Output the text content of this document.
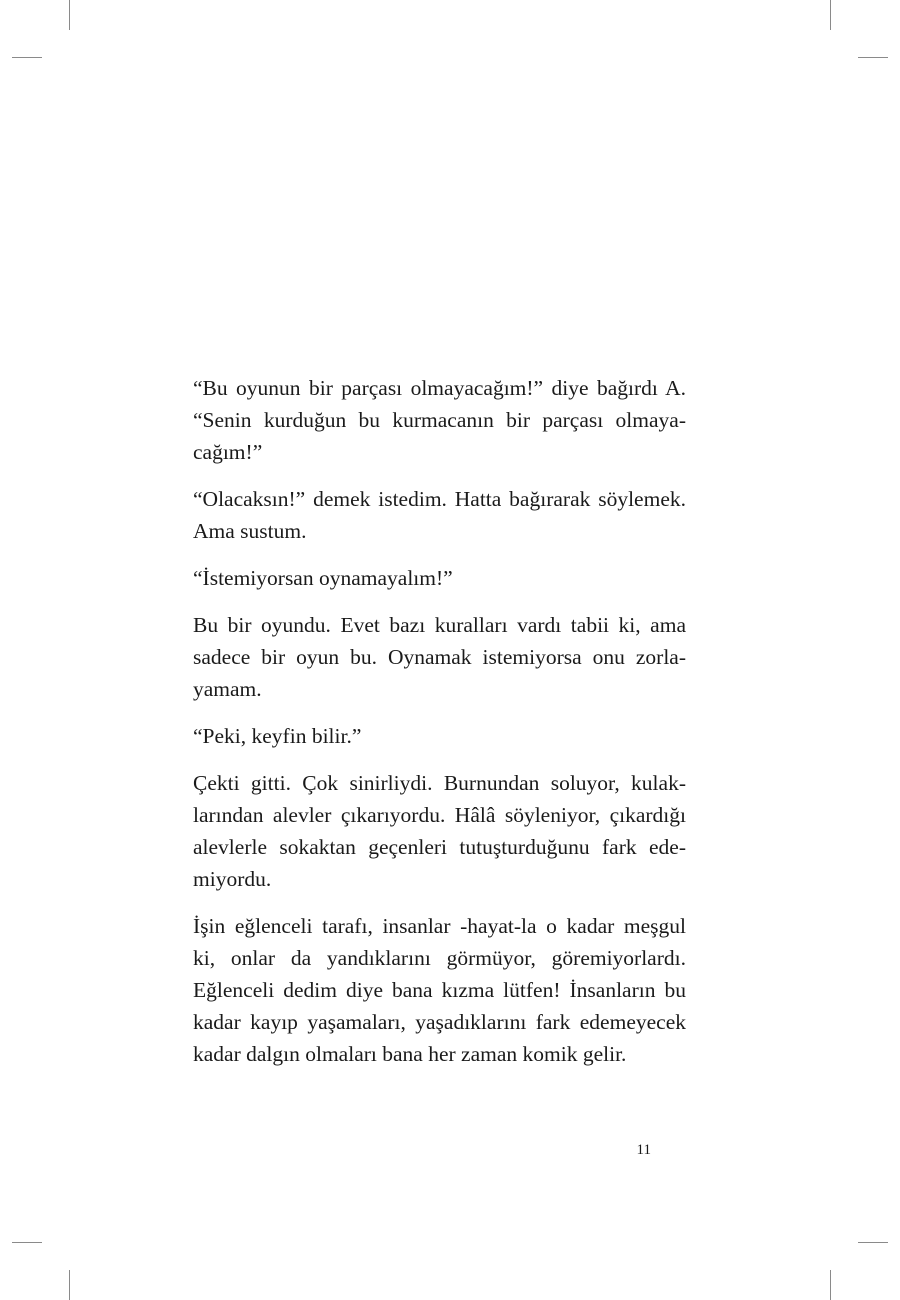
“Bu oyunun bir parçası olmayacağım!” diye bağırdı A.
“Senin kurduğun bu kurmacanın bir parçası olmaya-
cağım!”

“Olacaksın!” demek istedim. Hatta bağırarak söylemek.
Ama sustum.

“İstemiyorsan oynamayalım!”

Bu bir oyundu. Evet bazı kuralları vardı tabii ki, ama
sadece bir oyun bu. Oynamak istemiyorsa onu zorla-
yamam.

“Peki, keyfin bilir.”

Çekti gitti. Çok sinirliydi. Burnundan soluyor, kulak-
larından alevler çıkarıyordu. Hâlâ söyleniyor, çıkardığı
alevlerle sokaktan geçenleri tutuşturduğunu fark ede-
miyordu.

İşin eğlenceli tarafı, insanlar -hayat-la o kadar meşgul
ki, onlar da yandıklarını görmüyor, göremiyorlardı.
Eğlenceli dedim diye bana kızma lütfen! İnsanların bu
kadar kayıp yaşamaları, yaşadıklarını fark edemeyecek
kadar dalgın olmaları bana her zaman komik gelir.

11
